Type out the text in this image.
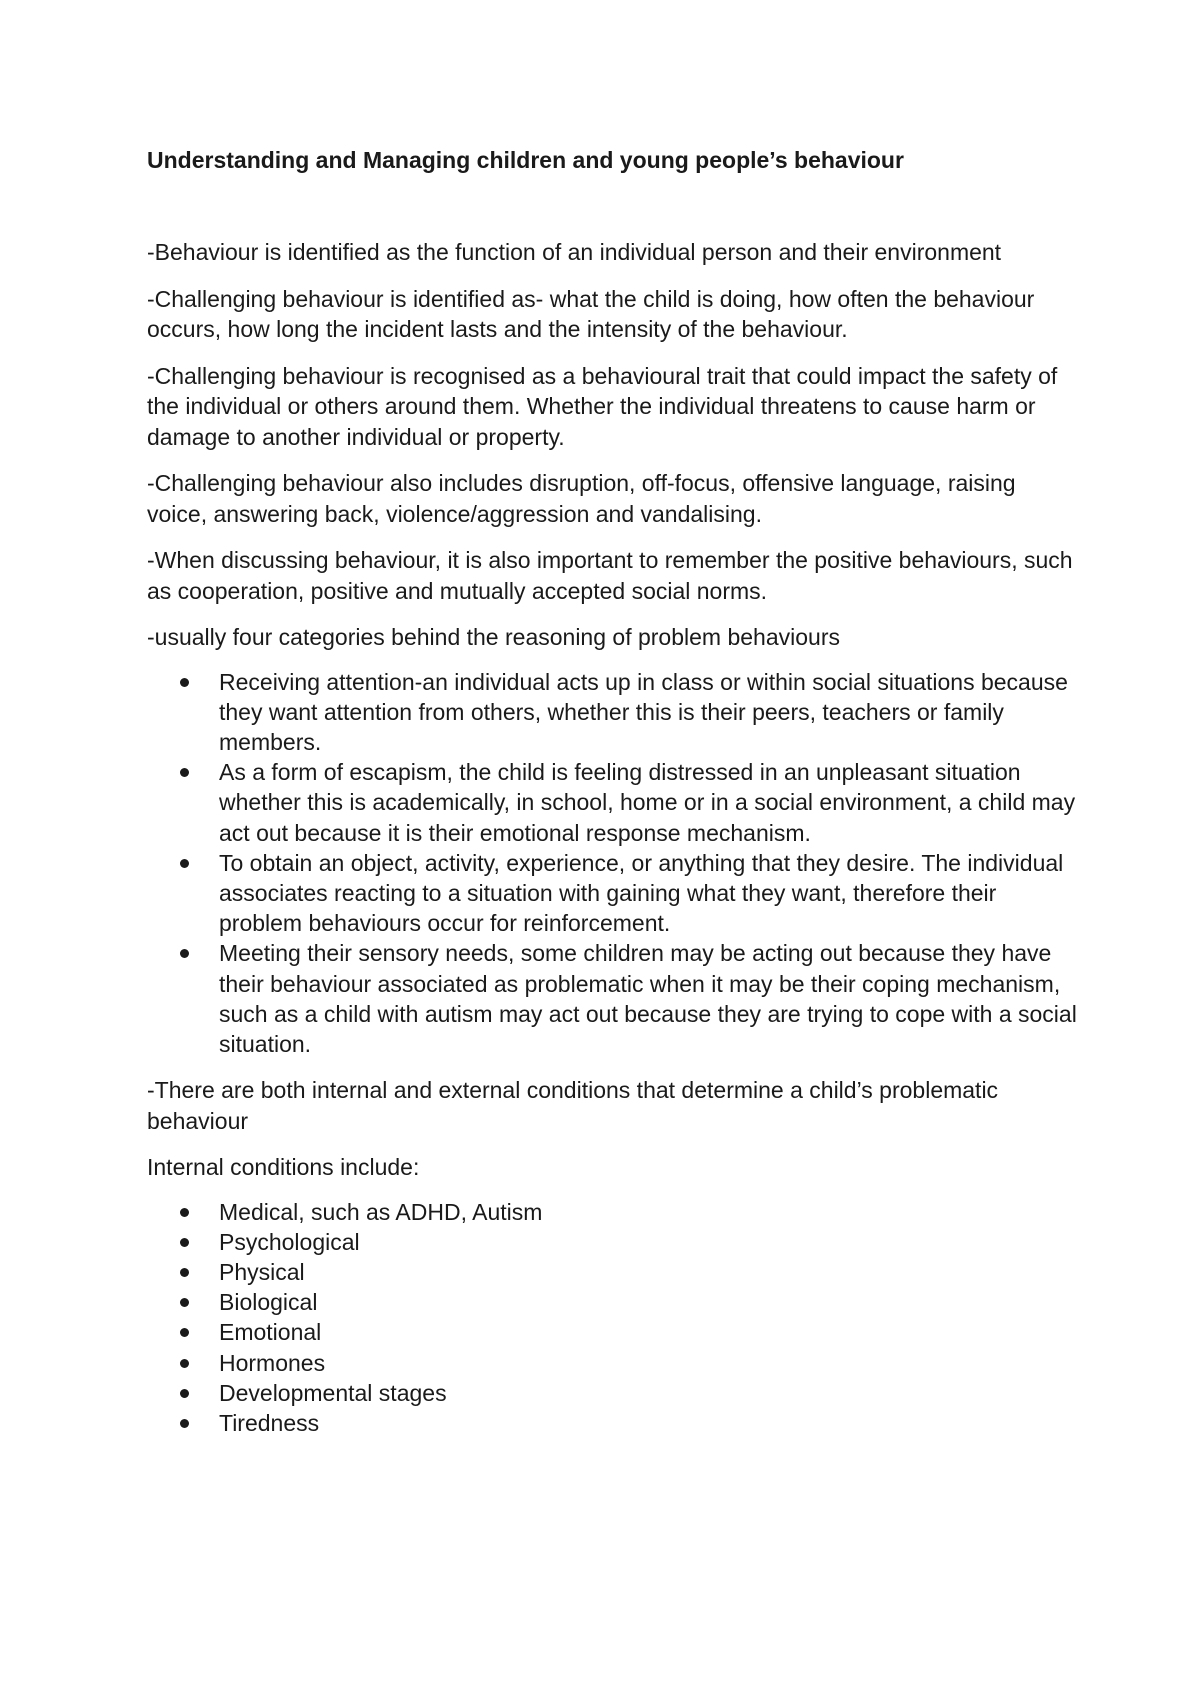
Understanding and Managing children and young people’s behaviour

-Behaviour is identified as the function of an individual person and their environment

-Challenging behaviour is identified as- what the child is doing, how often the behaviour occurs, how long the incident lasts and the intensity of the behaviour.

-Challenging behaviour is recognised as a behavioural trait that could impact the safety of the individual or others around them. Whether the individual threatens to cause harm or damage to another individual or property.

-Challenging behaviour also includes disruption, off-focus, offensive language, raising voice, answering back, violence/aggression and vandalising.

-When discussing behaviour, it is also important to remember the positive behaviours, such as cooperation, positive and mutually accepted social norms.

-usually four categories behind the reasoning of problem behaviours

Receiving attention-an individual acts up in class or within social situations because they want attention from others, whether this is their peers, teachers or family members.
As a form of escapism, the child is feeling distressed in an unpleasant situation whether this is academically, in school, home or in a social environment, a child may act out because it is their emotional response mechanism.
To obtain an object, activity, experience, or anything that they desire. The individual associates reacting to a situation with gaining what they want, therefore their problem behaviours occur for reinforcement.
Meeting their sensory needs, some children may be acting out because they have their behaviour associated as problematic when it may be their coping mechanism, such as a child with autism may act out because they are trying to cope with a social situation.

-There are both internal and external conditions that determine a child’s problematic behaviour

Internal conditions include:

Medical, such as ADHD, Autism
Psychological
Physical
Biological
Emotional
Hormones
Developmental stages
Tiredness
